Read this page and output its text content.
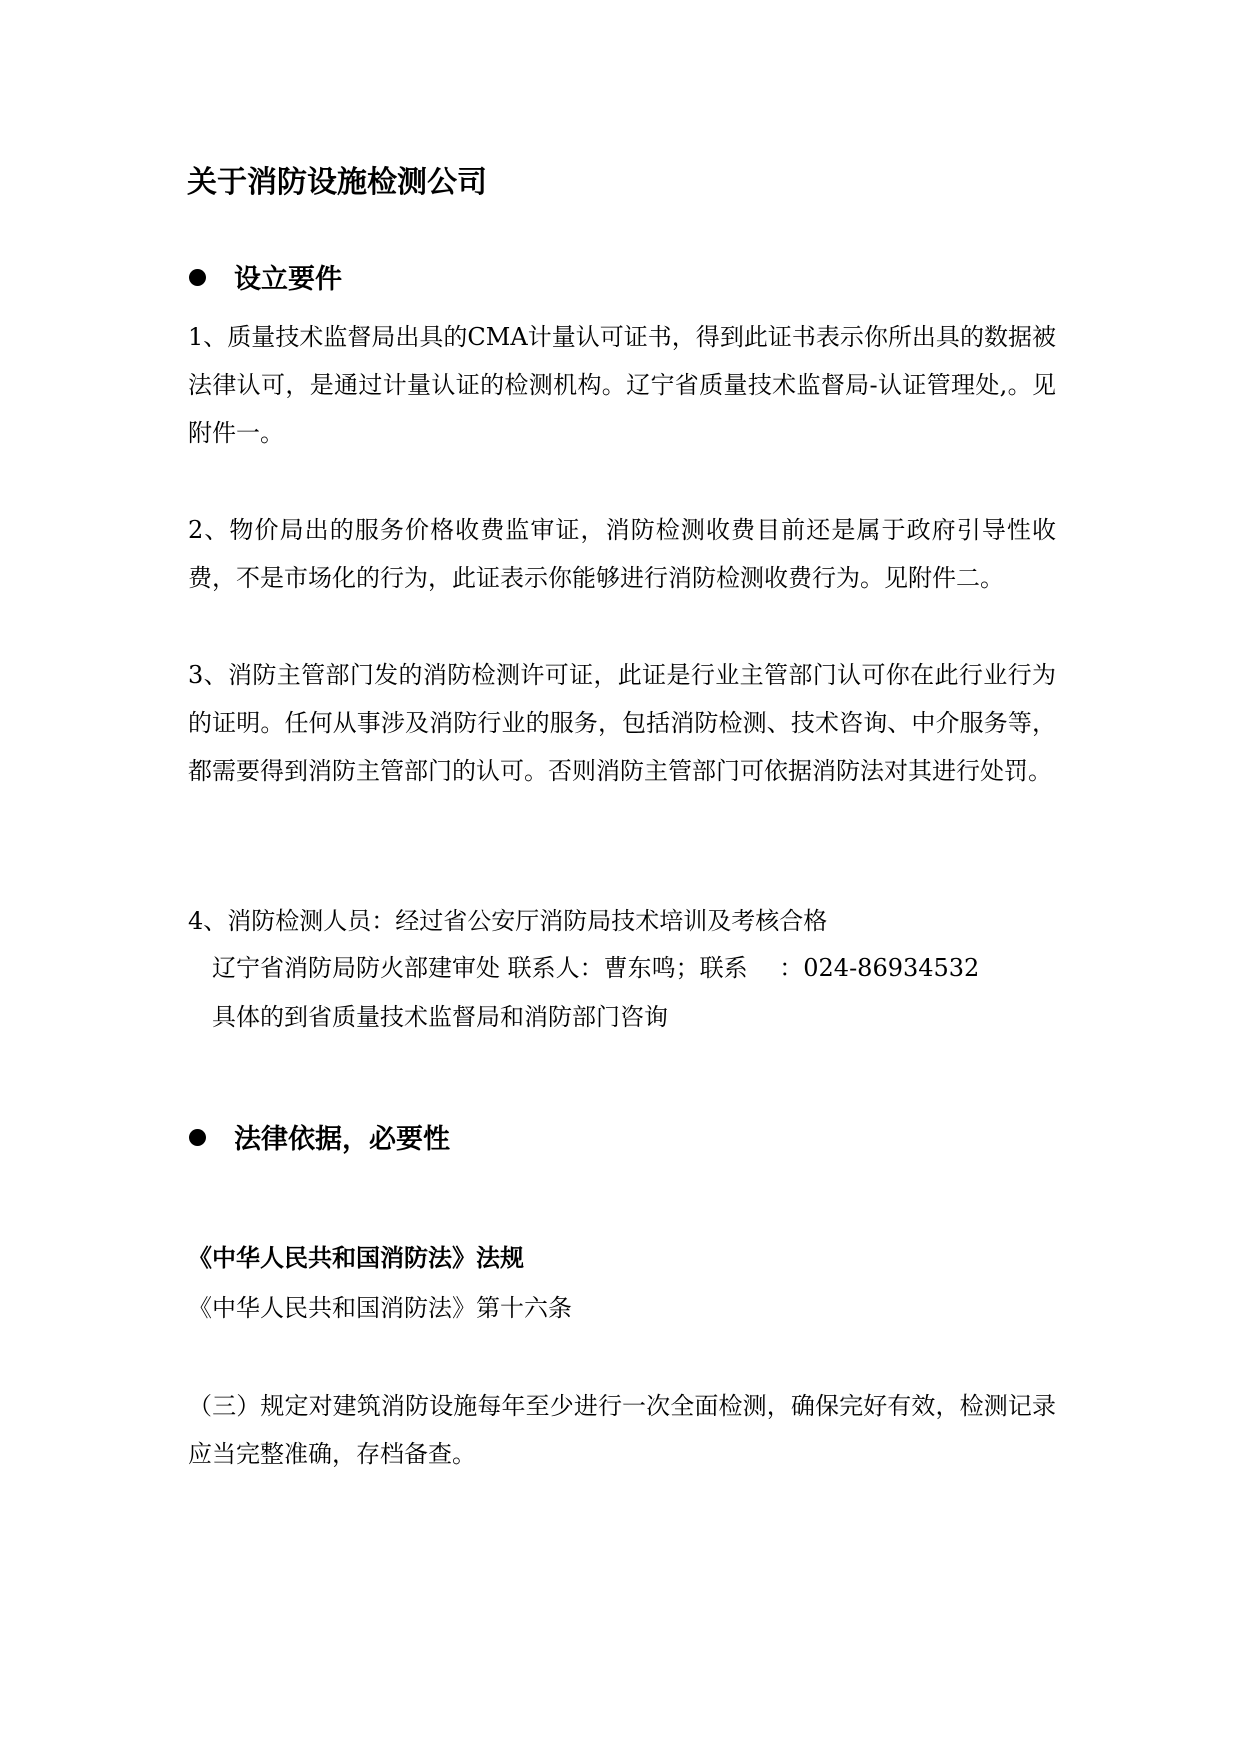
关于消防设施检测公司
设立要件

1、质量技术监督局出具的CMA计量认可证书，得到此证书表示你所出具的数据被法律认可，是通过计量认证的检测机构。辽宁省质量技术监督局-认证管理处,。见附件一。

2、物价局出的服务价格收费监审证，消防检测收费目前还是属于政府引导性收费，不是市场化的行为，此证表示你能够进行消防检测收费行为。见附件二。

3、消防主管部门发的消防检测许可证，此证是行业主管部门认可你在此行业行为的证明。任何从事涉及消防行业的服务，包括消防检测、技术咨询、中介服务等，都需要得到消防主管部门的认可。否则消防主管部门可依据消防法对其进行处罚。

4、消防检测人员：经过省公安厅消防局技术培训及考核合格
辽宁省消防局防火部建审处 联系人：曹东鸣；联系　 ：024-86934532
具体的到省质量技术监督局和消防部门咨询
法律依据，必要性
《中华人民共和国消防法》法规
《中华人民共和国消防法》第十六条

（三）规定对建筑消防设施每年至少进行一次全面检测，确保完好有效，检测记录应当完整准确，存档备查。
